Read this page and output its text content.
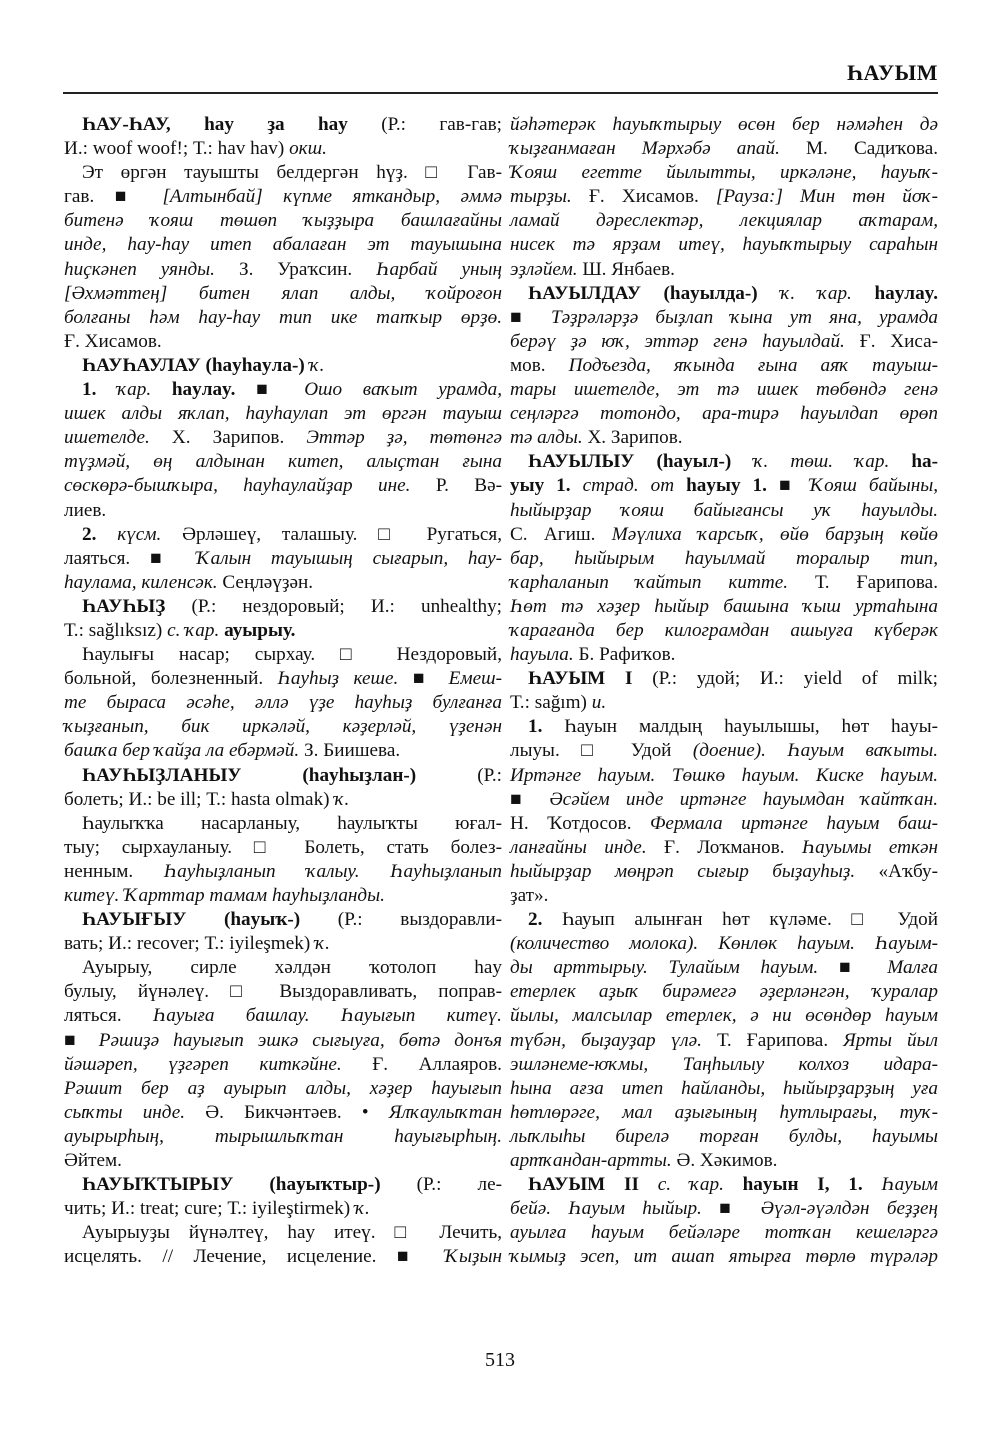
ҺАУЫМ
ҺАУ-ҺАУ, hay ҙа hay (Р.: гав-гав;
И.: woof woof!; Т.: hav hav) окш.
Эт өргән тауышты белдергән һүҙ. □ Гав-
гав. ■ [Алтынбай] күпме яткандыр, әммә
битенә ҡояш төшөп ҡыҙҙыра башлағайны
инде, hay-hay итеп абалаған эт тауышына
hиҫкәнеп уянды. З. Ураҡсин. Һарбай уның
[Әхмәттең] битен ялап алды, ҡойроғон
болғаны һәм hay-hay тип ике тапҡыр өрҙө.
Ғ. Хисамов.
ҺАУҺАУЛАУ (hayhayла-) ҡ.
1. ҡар. hayлay. ■ Ошо ваҡыт урамда,
ишек алды яҡлап, hayhaулап эт өргән тауыш
ишетелде. Х. Зарипов. Эттәр ҙә, төтөнгә
түҙмәй, өң алдынан китеп, алыҫтан ғына
сөскөрә-бышҡыра, hayhaулайҙар ине. Р. Вә-
лиев.
2. күсм. Әрләшеү, талашыу. □ Ругаться,
лаяться. ■ Ҡалын тауышың сығарып, hay-
hayлама, киленсәк. Сеңләүҙән.
ҺАУҺЫҘ (Р.: нездоровый; И.: unhealthy;
Т.: sağlıksız) с. ҡар. ауырыу.
Һаулығы насар; сырхау. □ Нездоровый,
больной, болезненный. Һayhыҙ кеше. ■ Емеш-
те быраса әсәhе, әллә үҙе hayhыҙ булғанға
ҡыҙғанып, бик иркәләй, кәҙерләй, үҙенән
башҡа бер ҡайҙа ла ебәрмәй. З. Биишева.
ҺАУҺЫҘЛАНЫУ (hayhыҙлан-) (Р.:
болеть; И.: be ill; Т.: hasta olmak) ҡ.
Һаулыҡҡа насарланыу, hаулыҡты юғал-
тыу; сырхауланыу. □ Болеть, стать болез-
ненным. Һayhыҙланып ҡалыу. Һayhыҙланып
китеү. Ҡарттар тамам hayhыҙланды.
ҺАУЫҒЫУ (hayыҡ-) (Р.: выздоравли-
вать; И.: recover; Т.: iyileşmek) ҡ.
Ауырыу, сирле хәлдән ҡотолоп hay
булыу, йүнәлеү. □ Выздоравливать, поправ-
ляться. Һayығa башлау. Һayығып китеү.
■ Рәшиҙә hayығып эшкә сығыуға, бөтә донъя
йәшәреп, үҙгәреп киткәйне. Ғ. Аллаяров.
Рәшит бер аҙ ауырып алды, хәҙер hayығып
сыҡты инде. Ә. Бикчәнтәев. • Ялҡаулыҡтан
ауырырhың, тырышлыҡтан hayығырhың.
Әйтем.
ҺАУЫҠТЫРЫУ (hayыҡтыр-) (Р.: ле-
чить; И.: treat; cure; Т.: iyileştirmek) ҡ.
Ауырыуҙы йүнәлтеү, hay итеү. □ Лечить,
исцелять. // Лечение, исцеление. ■ Ҡыҙын
йәhәтерәк hayыҡтырыу өсөн бер нәмәhен дә
ҡыҙғанмаған Мәрхәбә апай. М. Садиҡова.
Ҡояш егетте йылытты, иркәләне, hayыҡ-
тырҙы. Ғ. Хисамов. [Рауза:] Мин төн йоҡ-
ламай дәреслектәр, лекциялар аҡтарам,
нисек тә ярҙам итеү, hayыҡтырыу сараhын
эҙләйем. Ш. Янбаев.
ҺАУЫЛДАУ (hayылда-) ҡ. ҡар. hayлay.
■ Тәҙрәләрҙә быҙлап ҡына ут яна, урамда
берәү ҙә юҡ, эттәр генә hayылдай. Ғ. Хиса-
мов. Подъезда, яҡында ғына аяҡ тауыш-
тары ишетелде, эт тә ишек төбөндә генә
сеңләргә тотондо, ара-тирә hayылдап өрөп
тә алды. Х. Зарипов.
ҺАУЫЛЫУ (hayыл-) ҡ. төш. ҡар. ha-
уыу 1. страд. от hayыу 1. ■ Ҡояш байыны,
hыйырҙар ҡояш байығансы уҡ hayылды.
С. Агиш. Мәүлиха ҡарсыҡ, өйө барҙың көйө
бар, hыйырым hayылмай торалыр тип,
ҡарhаланып ҡайтып китте. Т. Ғарипова.
Һөт тә хәҙер hыйыр башына ҡыш уртаhына
ҡарағанда бер килограмдан ашыуға күберәк
hayыла. Б. Рафиҡов.
ҺАУЫМ I (Р.: удой; И.: yield of milk;
Т.: sağım) и.
1. Һауын малдың hayылышы, hөт hayы-
лыуы. □ Удой (доение). Һayым ваҡыты.
Иртәнге hayым. Төшкө hayым. Киске hayым.
■ Әсәйем инде иртәнге hayымдан ҡайтҡан.
Н. Ҡотдосов. Фермала иртәнге hayым баш-
ланғайны инде. Ғ. Лоҡманов. Һayымы еткән
hыйырҙар мөңрәп сығыр быҙауhыҙ. «Аҡбу-
ҙат».
2. Һауып алынған hөт күләме. □ Удой
(количество молока). Көнлөк hayым. Һayым-
ды арттырыу. Тулайым hayым. ■ Малға
етерлек аҙыҡ бирәмегә әҙерләнгән, ҡуралар
йылы, малсылар етерлек, ә ни өсөндөр hayым
түбән, быҙауҙар үлә. Т. Ғарипова. Ярты йыл
эшләнеме-юҡмы, Таңhылыу колхоз идара-
hына ағза итеп hайланды, hыйырҙарҙың уға
hөтлөрәге, мал аҙығының hутлырағы, туҡ-
лыҡлыhы бирелә торған булды, hayымы
артҡандан-артты. Ә. Хәкимов.
ҺАУЫМ II с. ҡар. hayын I, 1. Һayым
бейә. Һayым hыйыр. ■ Әүәл-әүәлдән беҙҙең
ауылға hayым бейәләре тотҡан кешеләргә
ҡымыҙ эсеп, ит ашап ятырға төрлө түрәләр
513
